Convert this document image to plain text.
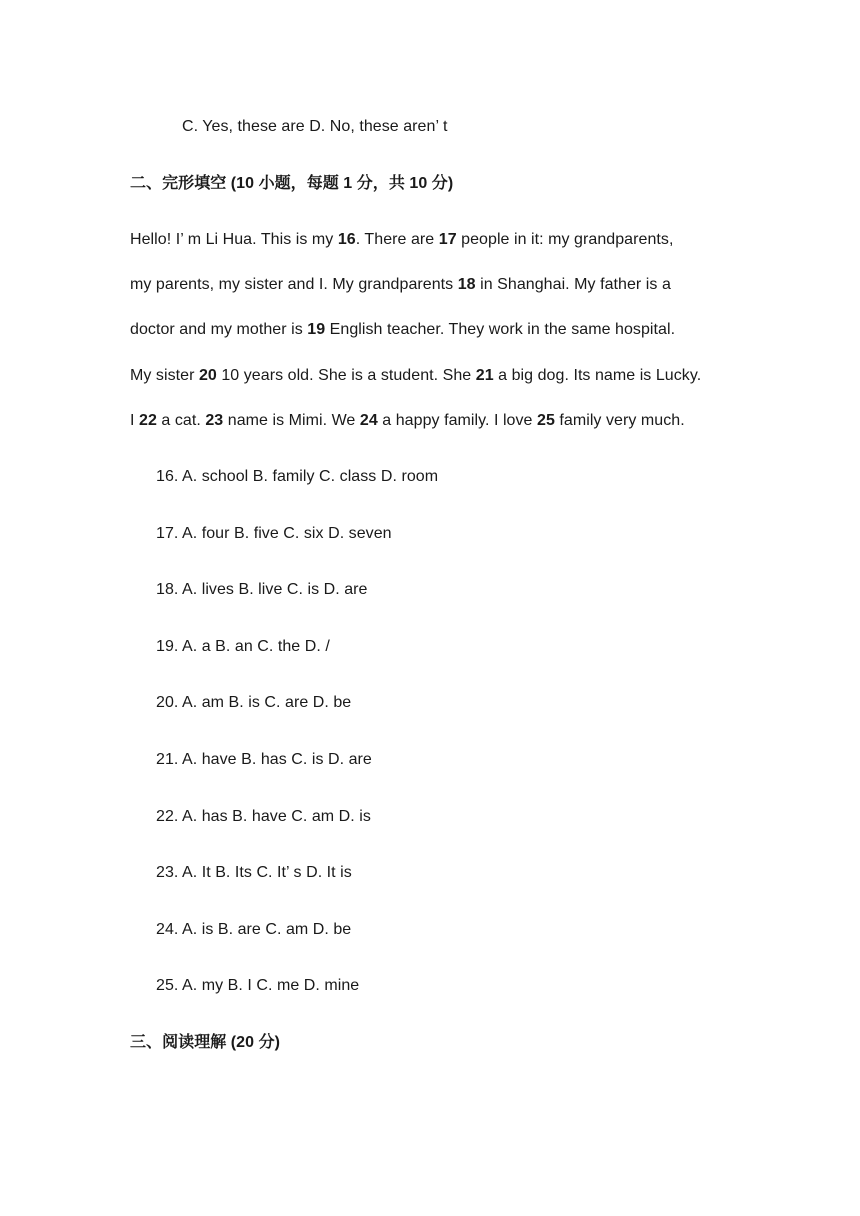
C. Yes, these are D. No, these aren’ t
二、完形填空 (10 小题，每题 1 分，共 10 分)
Hello! I’ m Li Hua. This is my 16. There are 17 people in it: my grandparents,
my parents, my sister and I. My grandparents 18 in Shanghai. My father is a
doctor and my mother is 19 English teacher. They work in the same hospital.
My sister 20 10 years old. She is a student. She 21 a big dog. Its name is Lucky.
I 22 a cat. 23 name is Mimi. We 24 a happy family. I love 25 family very much.
16. A. school B. family C. class D. room
17. A. four B. five C. six D. seven
18. A. lives B. live C. is D. are
19. A. a B. an C. the D. /
20. A. am B. is C. are D. be
21. A. have B. has C. is D. are
22. A. has B. have C. am D. is
23. A. It B. Its C. It’ s D. It is
24. A. is B. are C. am D. be
25. A. my B. I C. me D. mine
三、阅读理解 (20 分)
